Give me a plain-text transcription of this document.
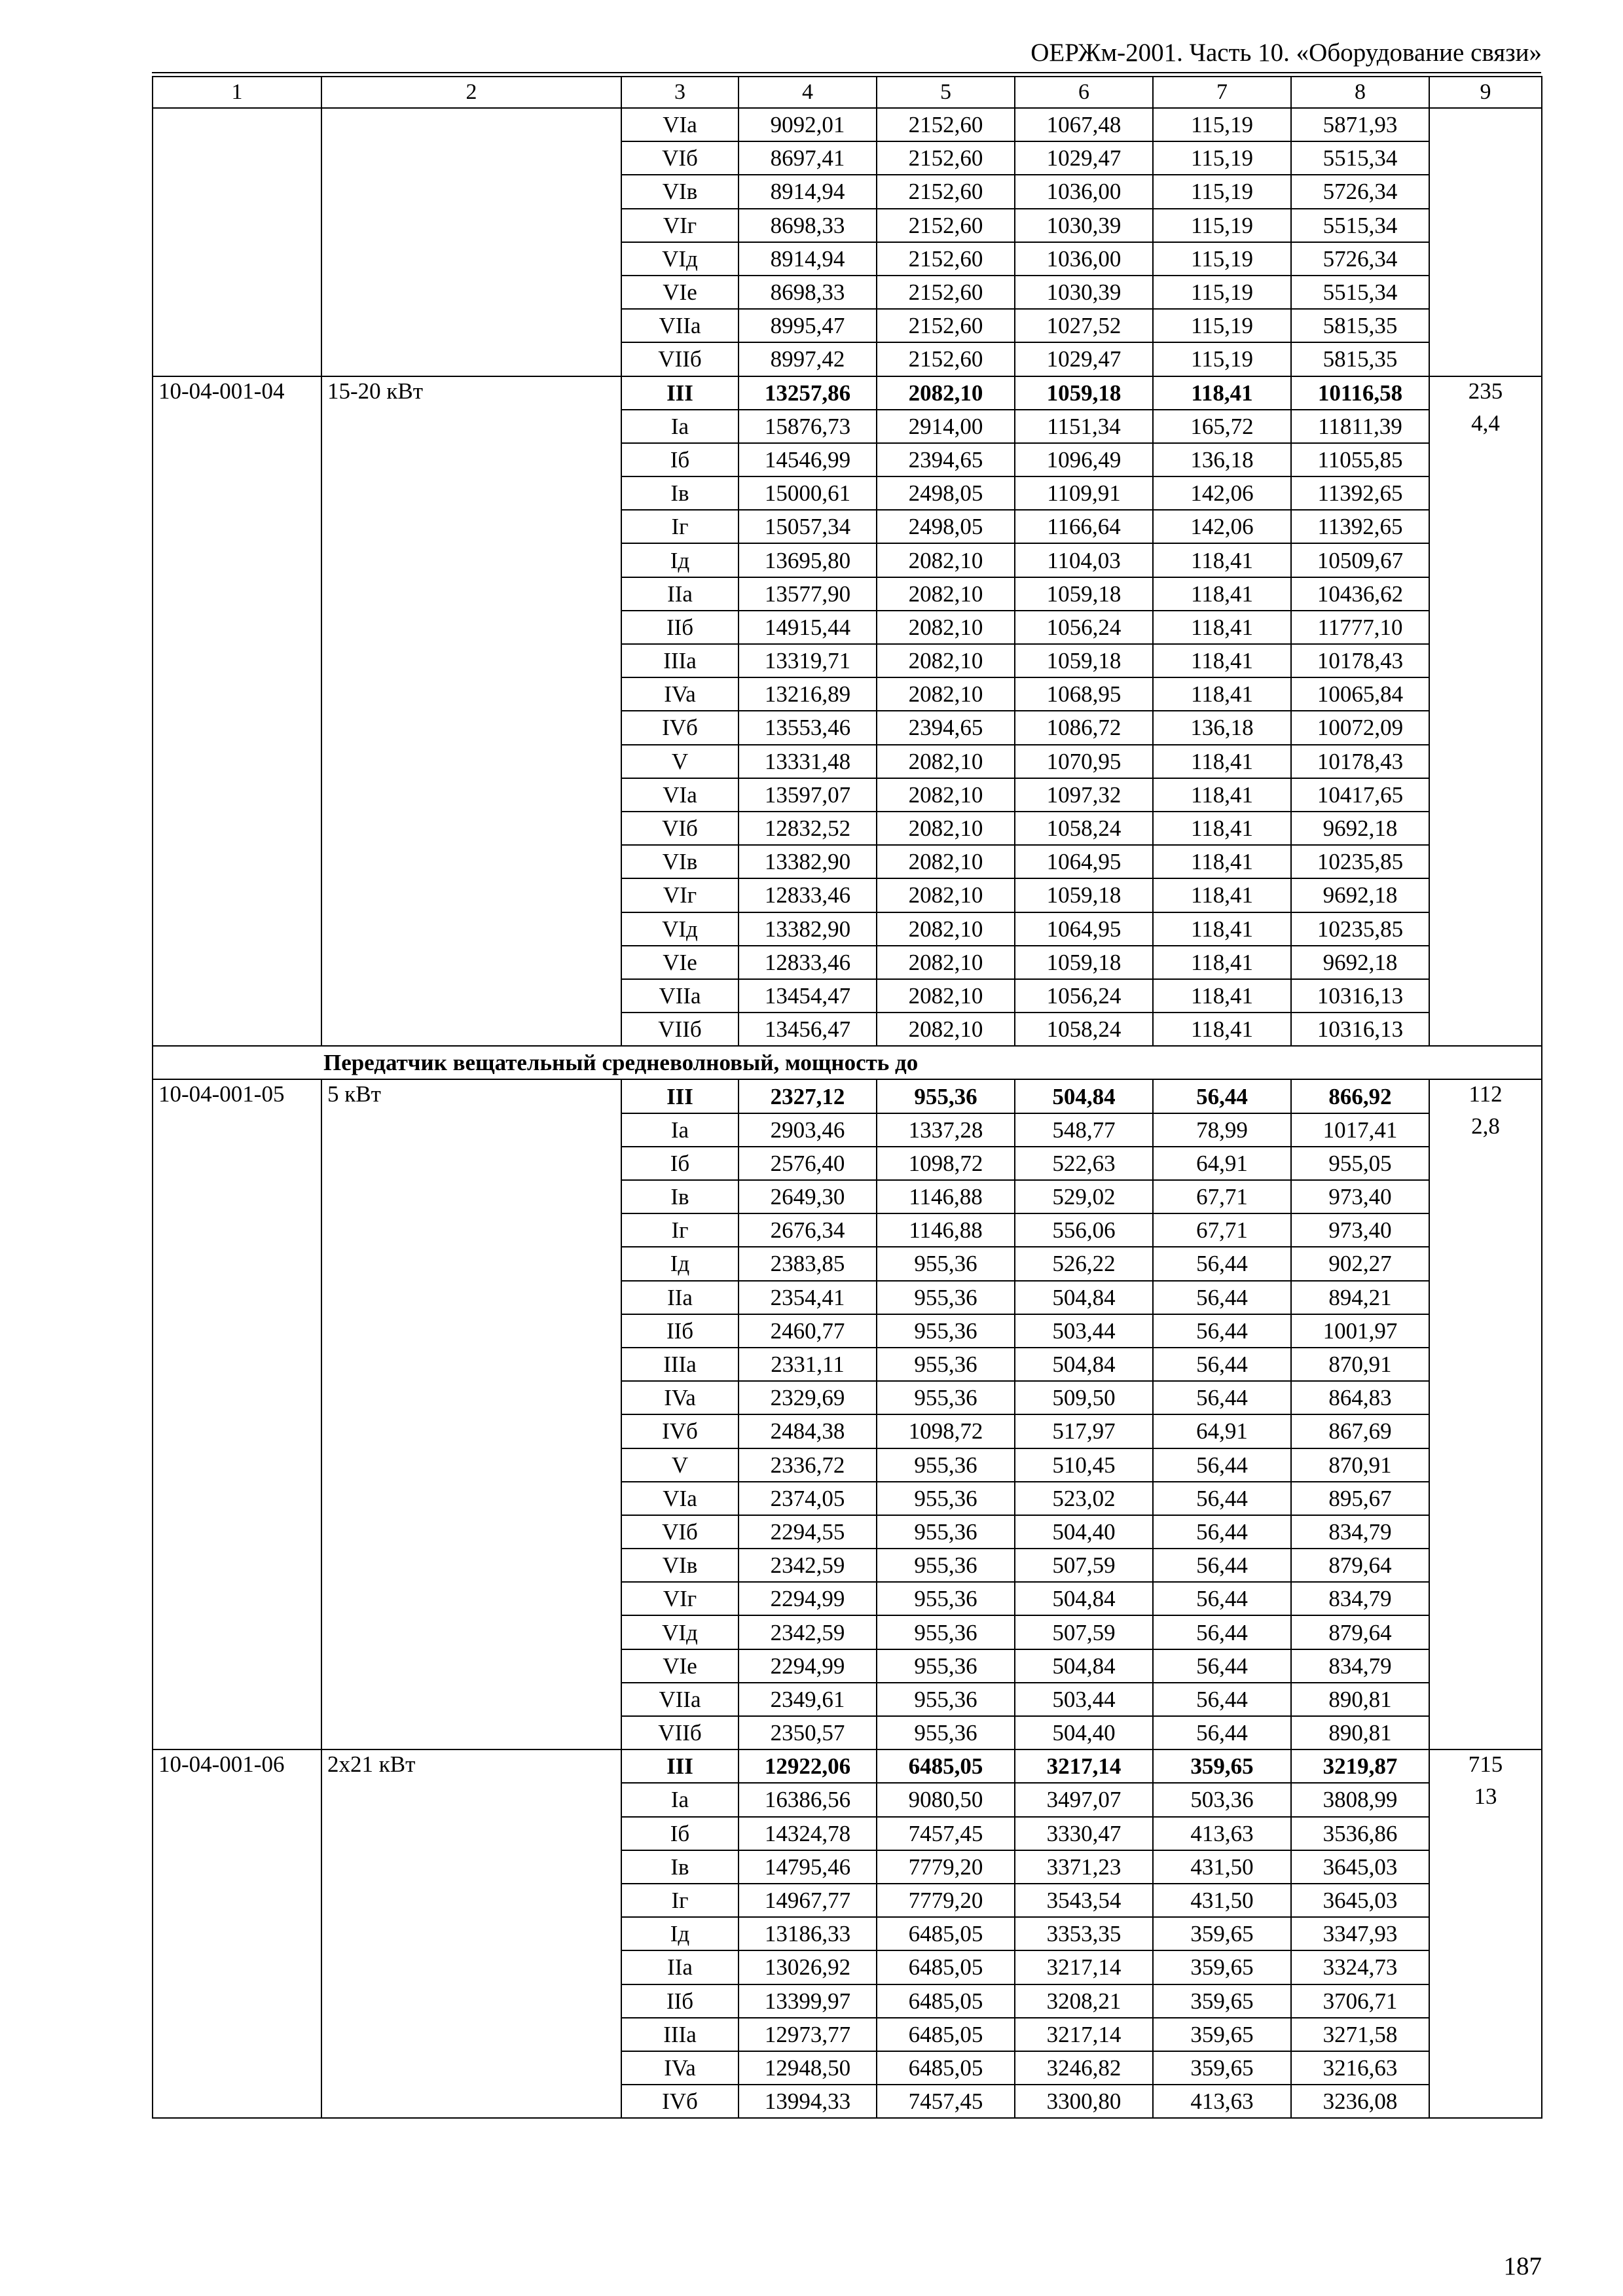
ОЕРЖм-2001. Часть 10. «Оборудование связи»
1	2	3	4	5	6	7	8	9
		VIa	9092,01	2152,60	1067,48	115,19	5871,93	
		VIб	8697,41	2152,60	1029,47	115,19	5515,34	
		VIв	8914,94	2152,60	1036,00	115,19	5726,34	
		VIг	8698,33	2152,60	1030,39	115,19	5515,34	
		VIд	8914,94	2152,60	1036,00	115,19	5726,34	
		VIe	8698,33	2152,60	1030,39	115,19	5515,34	
		VIIa	8995,47	2152,60	1027,52	115,19	5815,35	
		VIIб	8997,42	2152,60	1029,47	115,19	5815,35	
10-04-001-04	15-20 кВт	III	13257,86	2082,10	1059,18	118,41	10116,58	235
4,4

		Ia	15876,73	2914,00	1151,34	165,72	11811,39	
		Iб	14546,99	2394,65	1096,49	136,18	11055,85	
		Iв	15000,61	2498,05	1109,91	142,06	11392,65	
		Iг	15057,34	2498,05	1166,64	142,06	11392,65	
		Iд	13695,80	2082,10	1104,03	118,41	10509,67	
		IIa	13577,90	2082,10	1059,18	118,41	10436,62	
		IIб	14915,44	2082,10	1056,24	118,41	11777,10	
		IIIa	13319,71	2082,10	1059,18	118,41	10178,43	
		IVa	13216,89	2082,10	1068,95	118,41	10065,84	
		IVб	13553,46	2394,65	1086,72	136,18	10072,09	
		V	13331,48	2082,10	1070,95	118,41	10178,43	
		VIa	13597,07	2082,10	1097,32	118,41	10417,65	
		VIб	12832,52	2082,10	1058,24	118,41	9692,18	
		VIв	13382,90	2082,10	1064,95	118,41	10235,85	
		VIг	12833,46	2082,10	1059,18	118,41	9692,18	
		VIд	13382,90	2082,10	1064,95	118,41	10235,85	
		VIe	12833,46	2082,10	1059,18	118,41	9692,18	
		VIIa	13454,47	2082,10	1056,24	118,41	10316,13	
		VIIб	13456,47	2082,10	1058,24	118,41	10316,13	
Передатчик вещательный средневолновый, мощность до								
10-04-001-05	5 кВт	III	2327,12	955,36	504,84	56,44	866,92	112
2,8

		Ia	2903,46	1337,28	548,77	78,99	1017,41	
		Iб	2576,40	1098,72	522,63	64,91	955,05	
		Iв	2649,30	1146,88	529,02	67,71	973,40	
		Iг	2676,34	1146,88	556,06	67,71	973,40	
		Iд	2383,85	955,36	526,22	56,44	902,27	
		IIa	2354,41	955,36	504,84	56,44	894,21	
		IIб	2460,77	955,36	503,44	56,44	1001,97	
		IIIa	2331,11	955,36	504,84	56,44	870,91	
		IVa	2329,69	955,36	509,50	56,44	864,83	
		IVб	2484,38	1098,72	517,97	64,91	867,69	
		V	2336,72	955,36	510,45	56,44	870,91	
		VIa	2374,05	955,36	523,02	56,44	895,67	
		VIб	2294,55	955,36	504,40	56,44	834,79	
		VIв	2342,59	955,36	507,59	56,44	879,64	
		VIг	2294,99	955,36	504,84	56,44	834,79	
		VIд	2342,59	955,36	507,59	56,44	879,64	
		VIe	2294,99	955,36	504,84	56,44	834,79	
		VIIa	2349,61	955,36	503,44	56,44	890,81	
		VIIб	2350,57	955,36	504,40	56,44	890,81	
10-04-001-06	2x21 кВт	III	12922,06	6485,05	3217,14	359,65	3219,87	715
13

		Ia	16386,56	9080,50	3497,07	503,36	3808,99	
		Iб	14324,78	7457,45	3330,47	413,63	3536,86	
		Iв	14795,46	7779,20	3371,23	431,50	3645,03	
		Iг	14967,77	7779,20	3543,54	431,50	3645,03	
		Iд	13186,33	6485,05	3353,35	359,65	3347,93	
		IIa	13026,92	6485,05	3217,14	359,65	3324,73	
		IIб	13399,97	6485,05	3208,21	359,65	3706,71	
		IIIa	12973,77	6485,05	3217,14	359,65	3271,58	
		IVa	12948,50	6485,05	3246,82	359,65	3216,63	
		IVб	13994,33	7457,45	3300,80	413,63	3236,08	
187
